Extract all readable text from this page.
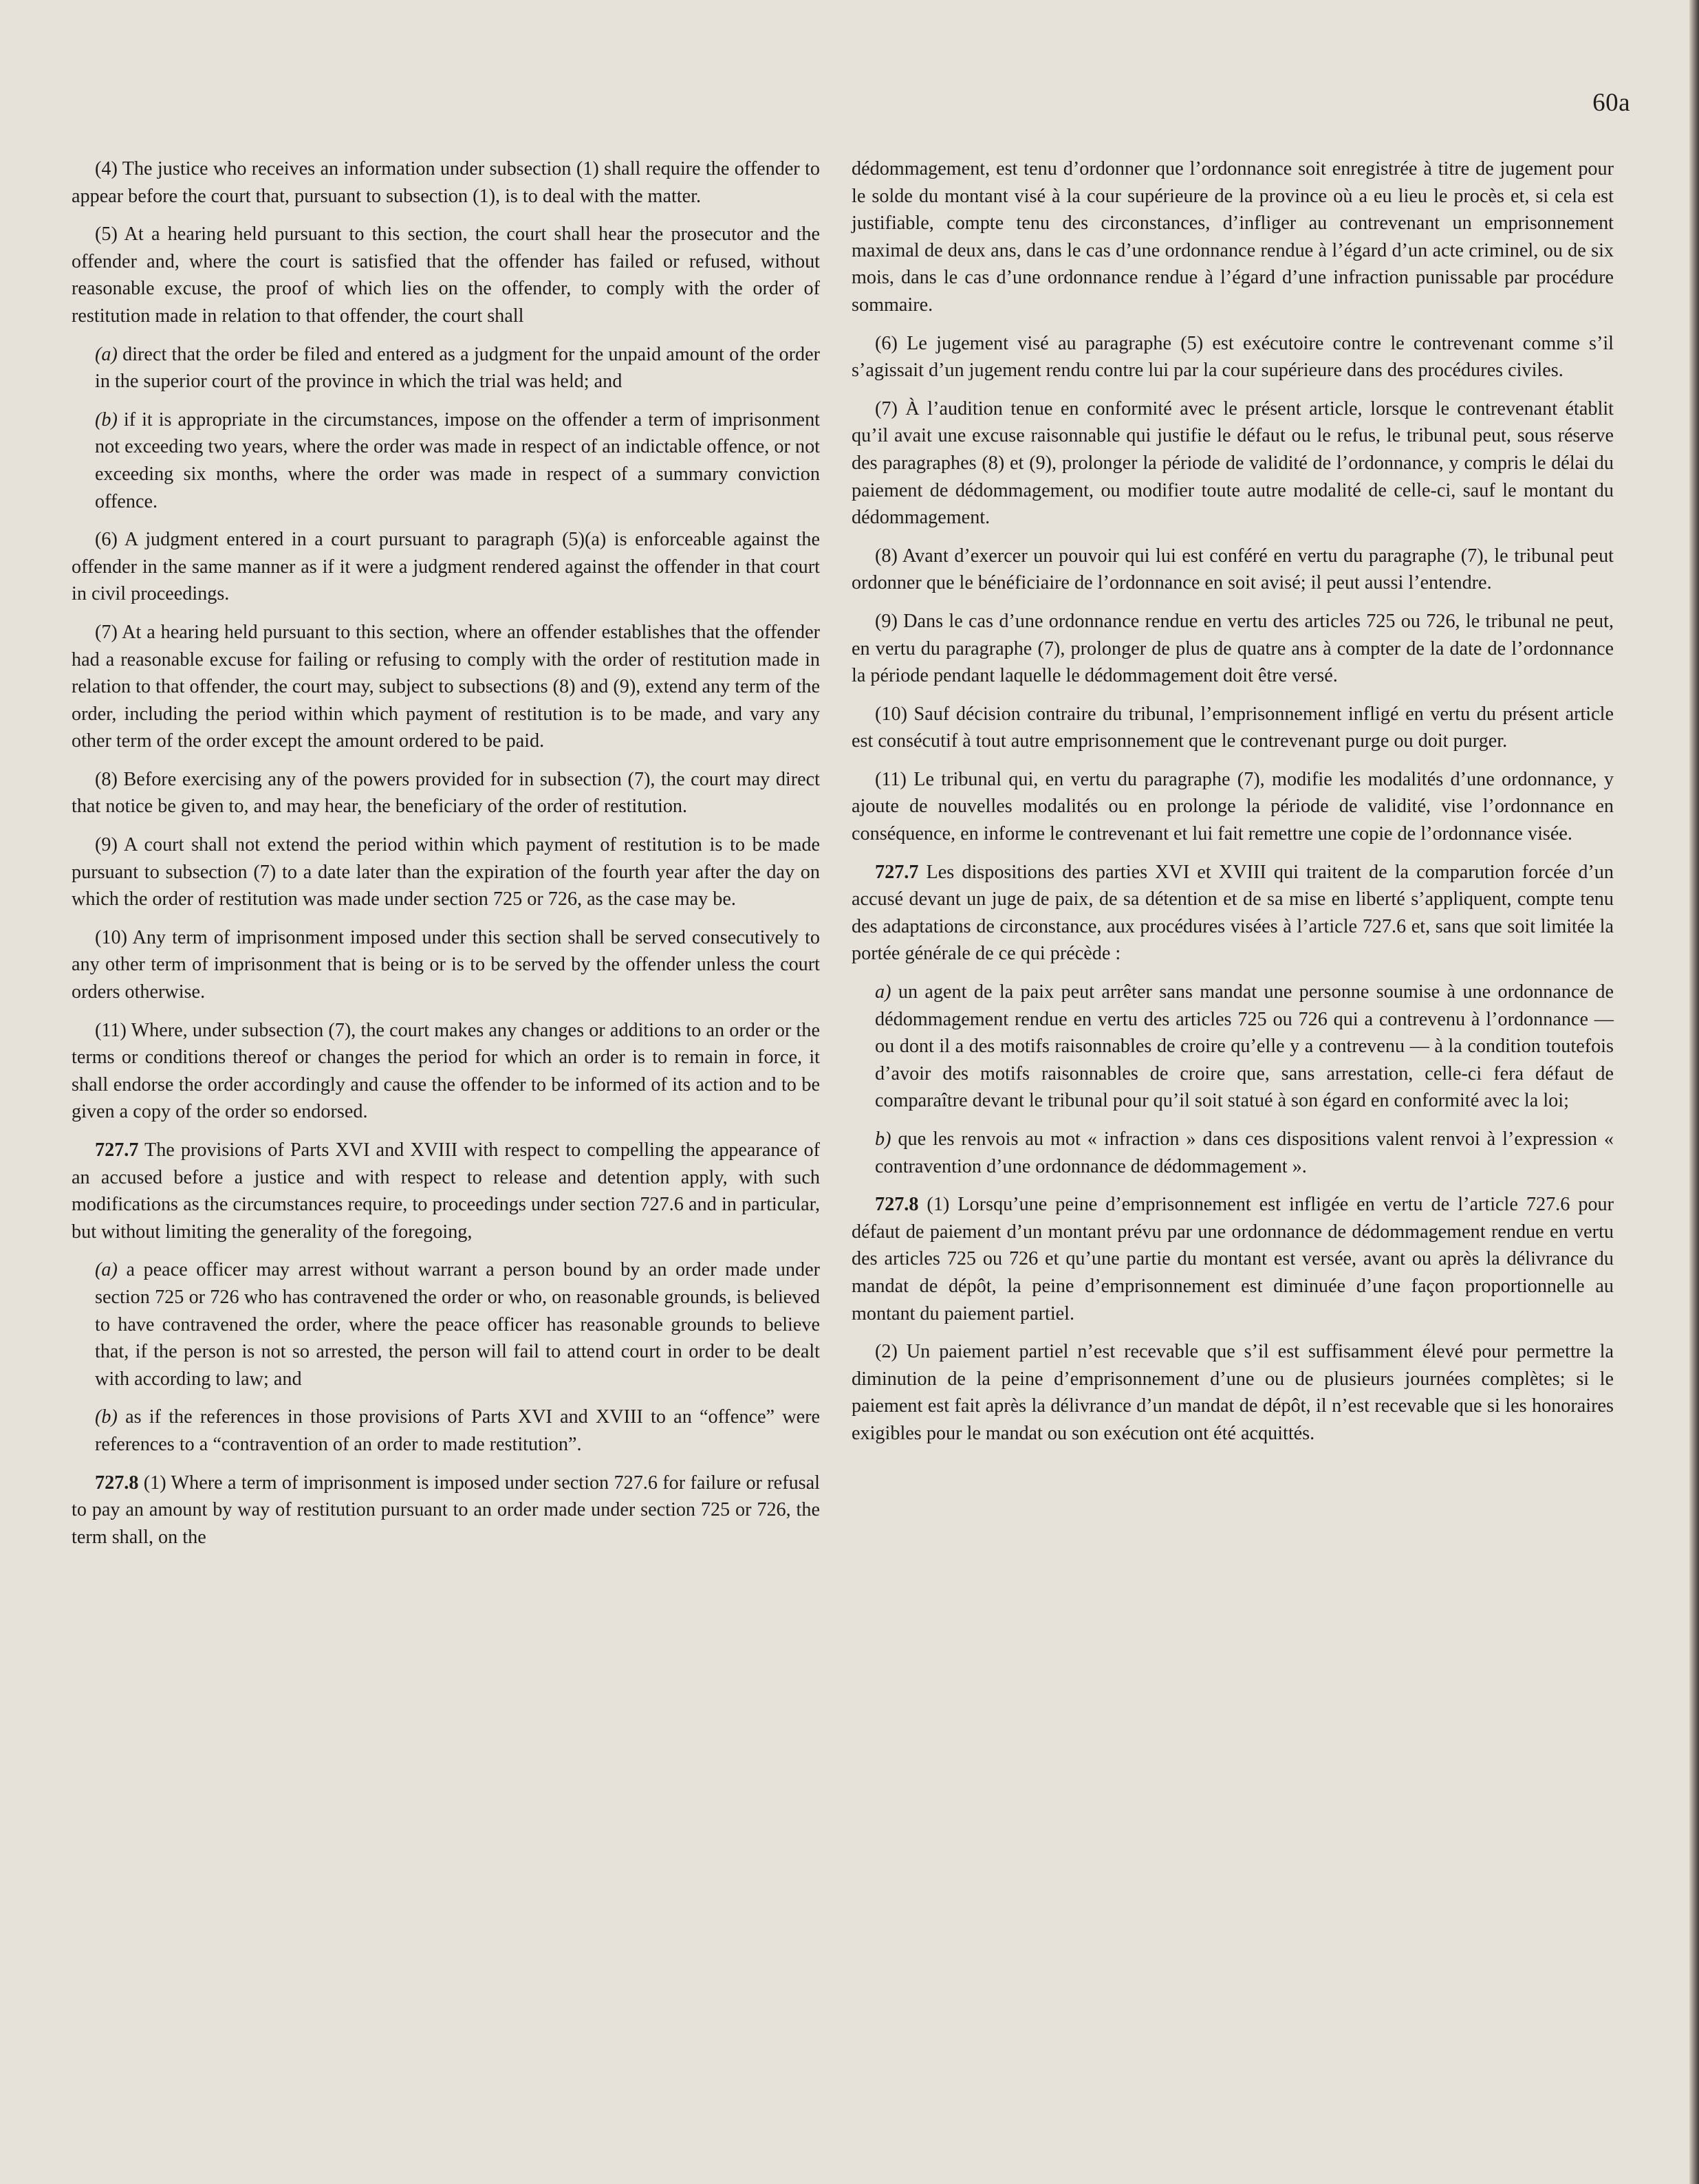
60a

(4) The justice who receives an information under subsection (1) shall require the offender to appear before the court that, pursuant to subsection (1), is to deal with the matter.

(5) At a hearing held pursuant to this section, the court shall hear the prosecutor and the offender and, where the court is satisfied that the offender has failed or refused, without reasonable excuse, the proof of which lies on the offender, to comply with the order of restitution made in relation to that offender, the court shall

(a) direct that the order be filed and entered as a judgment for the unpaid amount of the order in the superior court of the province in which the trial was held; and

(b) if it is appropriate in the circumstances, impose on the offender a term of imprisonment not exceeding two years, where the order was made in respect of an indictable offence, or not exceeding six months, where the order was made in respect of a summary conviction offence.

(6) A judgment entered in a court pursuant to paragraph (5)(a) is enforceable against the offender in the same manner as if it were a judgment rendered against the offender in that court in civil proceedings.

(7) At a hearing held pursuant to this section, where an offender establishes that the offender had a reasonable excuse for failing or refusing to comply with the order of restitution made in relation to that offender, the court may, subject to subsections (8) and (9), extend any term of the order, including the period within which payment of restitution is to be made, and vary any other term of the order except the amount ordered to be paid.

(8) Before exercising any of the powers provided for in subsection (7), the court may direct that notice be given to, and may hear, the beneficiary of the order of restitution.

(9) A court shall not extend the period within which payment of restitution is to be made pursuant to subsection (7) to a date later than the expiration of the fourth year after the day on which the order of restitution was made under section 725 or 726, as the case may be.

(10) Any term of imprisonment imposed under this section shall be served consecutively to any other term of imprisonment that is being or is to be served by the offender unless the court orders otherwise.

(11) Where, under subsection (7), the court makes any changes or additions to an order or the terms or conditions thereof or changes the period for which an order is to remain in force, it shall endorse the order accordingly and cause the offender to be informed of its action and to be given a copy of the order so endorsed.

727.7 The provisions of Parts XVI and XVIII with respect to compelling the appearance of an accused before a justice and with respect to release and detention apply, with such modifications as the circumstances require, to proceedings under section 727.6 and in particular, but without limiting the generality of the foregoing,

(a) a peace officer may arrest without warrant a person bound by an order made under section 725 or 726 who has contravened the order or who, on reasonable grounds, is believed to have contravened the order, where the peace officer has reasonable grounds to believe that, if the person is not so arrested, the person will fail to attend court in order to be dealt with according to law; and

(b) as if the references in those provisions of Parts XVI and XVIII to an “offence” were references to a “contravention of an order to made restitution”.

727.8 (1) Where a term of imprisonment is imposed under section 727.6 for failure or refusal to pay an amount by way of restitution pursuant to an order made under section 725 or 726, the term shall, on the

dédommagement, est tenu d’ordonner que l’ordonnance soit enregistrée à titre de jugement pour le solde du montant visé à la cour supérieure de la province où a eu lieu le procès et, si cela est justifiable, compte tenu des circonstances, d’infliger au contrevenant un emprisonnement maximal de deux ans, dans le cas d’une ordonnance rendue à l’égard d’un acte criminel, ou de six mois, dans le cas d’une ordonnance rendue à l’égard d’une infraction punissable par procédure sommaire.

(6) Le jugement visé au paragraphe (5) est exécutoire contre le contrevenant comme s’il s’agissait d’un jugement rendu contre lui par la cour supérieure dans des procédures civiles.

(7) À l’audition tenue en conformité avec le présent article, lorsque le contrevenant établit qu’il avait une excuse raisonnable qui justifie le défaut ou le refus, le tribunal peut, sous réserve des paragraphes (8) et (9), prolonger la période de validité de l’ordonnance, y compris le délai du paiement de dédommagement, ou modifier toute autre modalité de celle-ci, sauf le montant du dédommagement.

(8) Avant d’exercer un pouvoir qui lui est conféré en vertu du paragraphe (7), le tribunal peut ordonner que le bénéficiaire de l’ordonnance en soit avisé; il peut aussi l’entendre.

(9) Dans le cas d’une ordonnance rendue en vertu des articles 725 ou 726, le tribunal ne peut, en vertu du paragraphe (7), prolonger de plus de quatre ans à compter de la date de l’ordonnance la période pendant laquelle le dédommagement doit être versé.

(10) Sauf décision contraire du tribunal, l’emprisonnement infligé en vertu du présent article est consécutif à tout autre emprisonnement que le contrevenant purge ou doit purger.

(11) Le tribunal qui, en vertu du paragraphe (7), modifie les modalités d’une ordonnance, y ajoute de nouvelles modalités ou en prolonge la période de validité, vise l’ordonnance en conséquence, en informe le contrevenant et lui fait remettre une copie de l’ordonnance visée.

727.7 Les dispositions des parties XVI et XVIII qui traitent de la comparution forcée d’un accusé devant un juge de paix, de sa détention et de sa mise en liberté s’appliquent, compte tenu des adaptations de circonstance, aux procédures visées à l’article 727.6 et, sans que soit limitée la portée générale de ce qui précède :

a) un agent de la paix peut arrêter sans mandat une personne soumise à une ordonnance de dédommagement rendue en vertu des articles 725 ou 726 qui a contrevenu à l’ordonnance — ou dont il a des motifs raisonnables de croire qu’elle y a contrevenu — à la condition toutefois d’avoir des motifs raisonnables de croire que, sans arrestation, celle-ci fera défaut de comparaître devant le tribunal pour qu’il soit statué à son égard en conformité avec la loi;

b) que les renvois au mot « infraction » dans ces dispositions valent renvoi à l’expression « contravention d’une ordonnance de dédommagement ».

727.8 (1) Lorsqu’une peine d’emprisonnement est infligée en vertu de l’article 727.6 pour défaut de paiement d’un montant prévu par une ordonnance de dédommagement rendue en vertu des articles 725 ou 726 et qu’une partie du montant est versée, avant ou après la délivrance du mandat de dépôt, la peine d’emprisonnement est diminuée d’une façon proportionnelle au montant du paiement partiel.

(2) Un paiement partiel n’est recevable que s’il est suffisamment élevé pour permettre la diminution de la peine d’emprisonnement d’une ou de plusieurs journées complètes; si le paiement est fait après la délivrance d’un mandat de dépôt, il n’est recevable que si les honoraires exigibles pour le mandat ou son exécution ont été acquittés.
